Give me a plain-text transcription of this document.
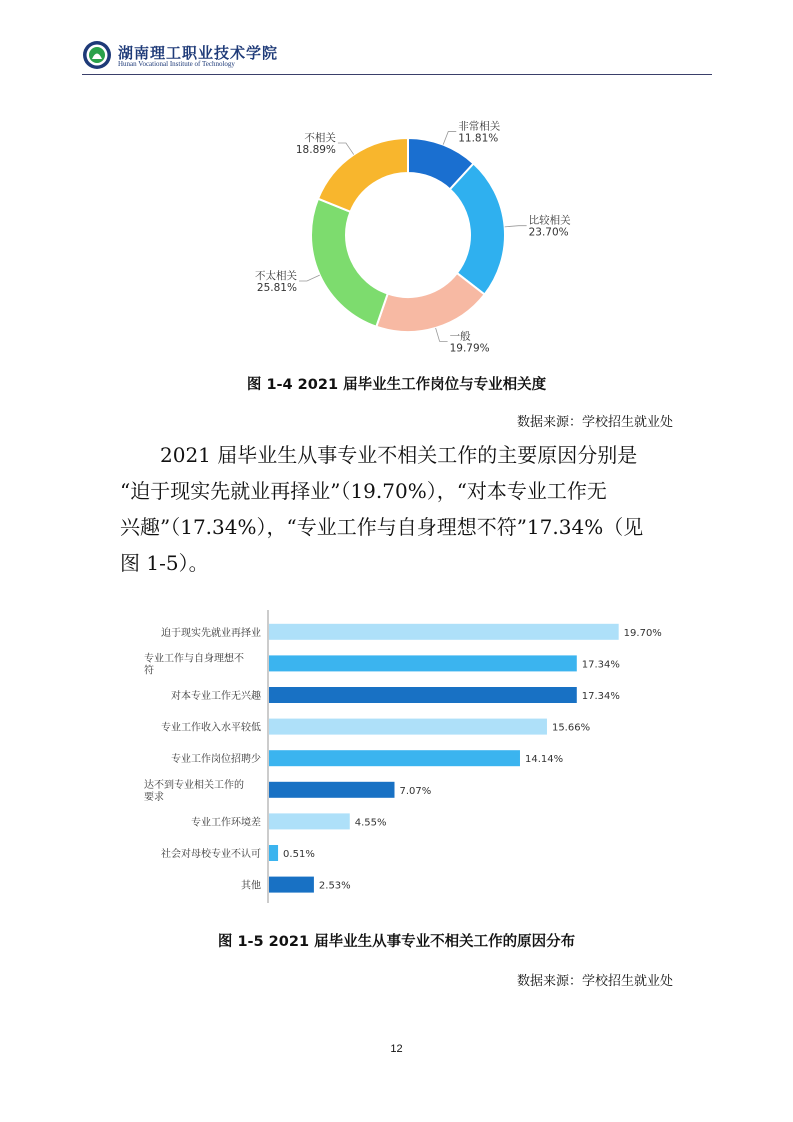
湖南理工职业技术学院
Hunan Vocational Institute of Technology
非常相关
11.81%
比较相关
23.70%
一般
19.79%
不太相关
25.81%
不相关
18.89%
图 1-4 2021 届毕业生工作岗位与专业相关度
数据来源：学校招生就业处
2021 届毕业生从事专业不相关工作的主要原因分别是
“迫于现实先就业再择业”（19.70%），“对本专业工作无
兴趣”（17.34%），“专业工作与自身理想不符”17.34%（见
图 1-5）。
19.70%
迫于现实先就业再择业
17.34%
专业工作与自身理想不
符
17.34%
对本专业工作无兴趣
15.66%
专业工作收入水平较低
14.14%
专业工作岗位招聘少
7.07%
达不到专业相关工作的
要求
4.55%
专业工作环境差
0.51%
社会对母校专业不认可
2.53%
其他
图 1-5 2021 届毕业生从事专业不相关工作的原因分布
数据来源：学校招生就业处
12
